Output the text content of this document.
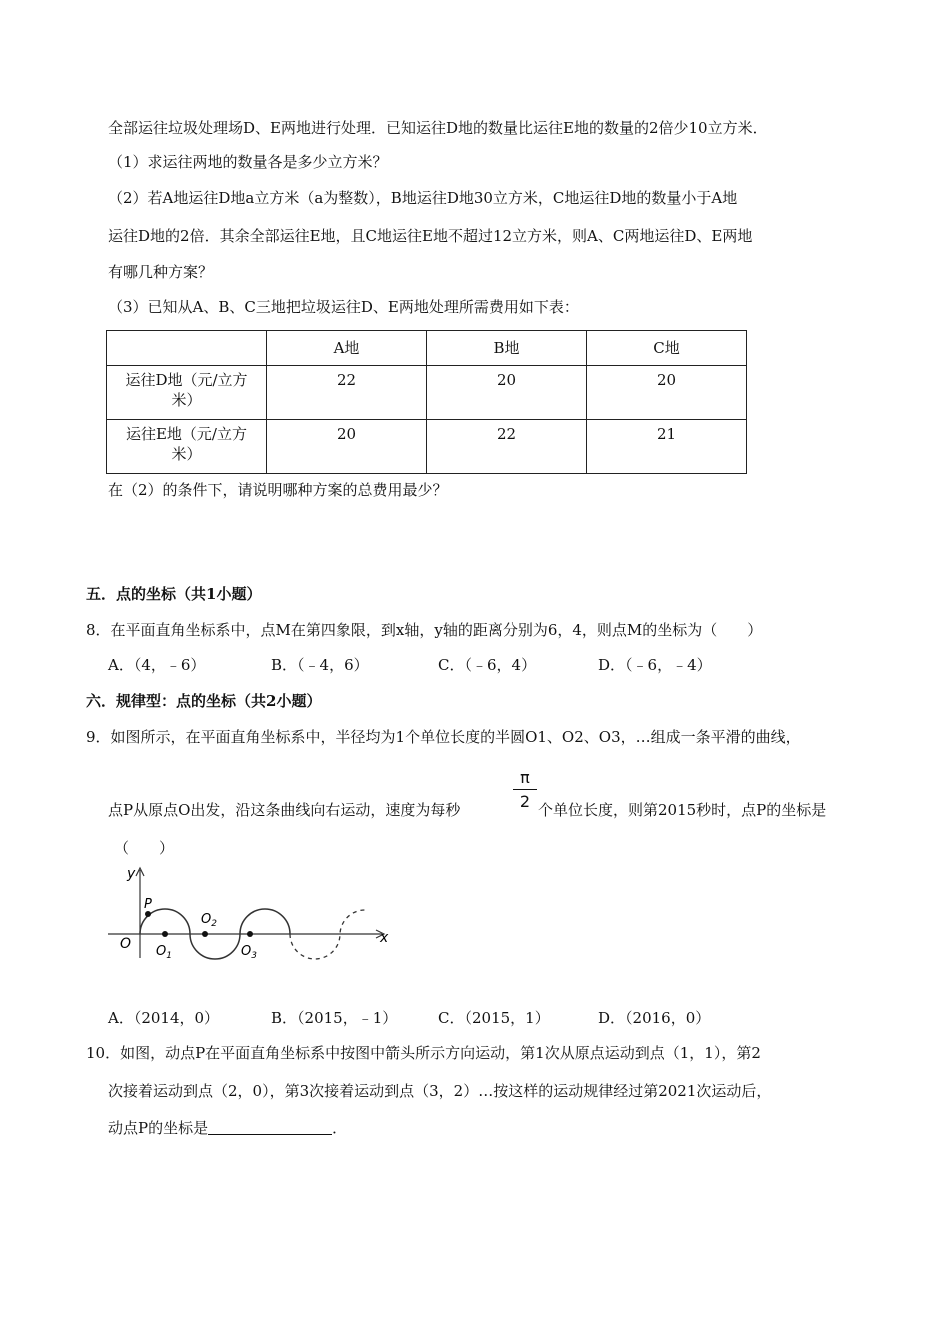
全部运往垃圾处理场D、E两地进行处理．已知运往D地的数量比运往E地的数量的2倍少10立方米．
（1）求运往两地的数量各是多少立方米？
（2）若A地运往D地a立方米（a为整数），B地运往D地30立方米，C地运往D地的数量小于A地
运往D地的2倍．其余全部运往E地，且C地运往E地不超过12立方米，则A、C两地运往D、E两地
有哪几种方案？
（3）已知从A、B、C三地把垃圾运往D、E两地处理所需费用如下表：
	A地	B地	C地

运往D地（元/立方
米）	22	20	20

运往E地（元/立方
米）	20	22	21
在（2）的条件下，请说明哪种方案的总费用最少？
五．点的坐标（共1小题）
8．在平面直角坐标系中，点M在第四象限，到x轴，y轴的距离分别为6，4，则点M的坐标为（　　）
A．（4，﹣6）	B．（﹣4，6）	C．（﹣6，4）	D．（﹣6，﹣4）
六．规律型：点的坐标（共2小题）
9．如图所示，在平面直角坐标系中，半径均为1个单位长度的半圆O1、O2、O3，…组成一条平滑的曲线，
点P从原点O出发，沿这条曲线向右运动，速度为每秒
π
2 个单位长度，则第2015秒时，点P的坐标是
（　　）
y
x
O
P
$O_1$
$O_2$
$O_3$
A．（2014，0）	B．（2015，﹣1）	C．（2015，1）	D．（2016，0）
10．如图，动点P在平面直角坐标系中按图中箭头所示方向运动，第1次从原点运动到点（1，1），第2
次接着运动到点（2，0），第3次接着运动到点（3，2）…按这样的运动规律经过第2021次运动后，
动点P的坐标是	．
